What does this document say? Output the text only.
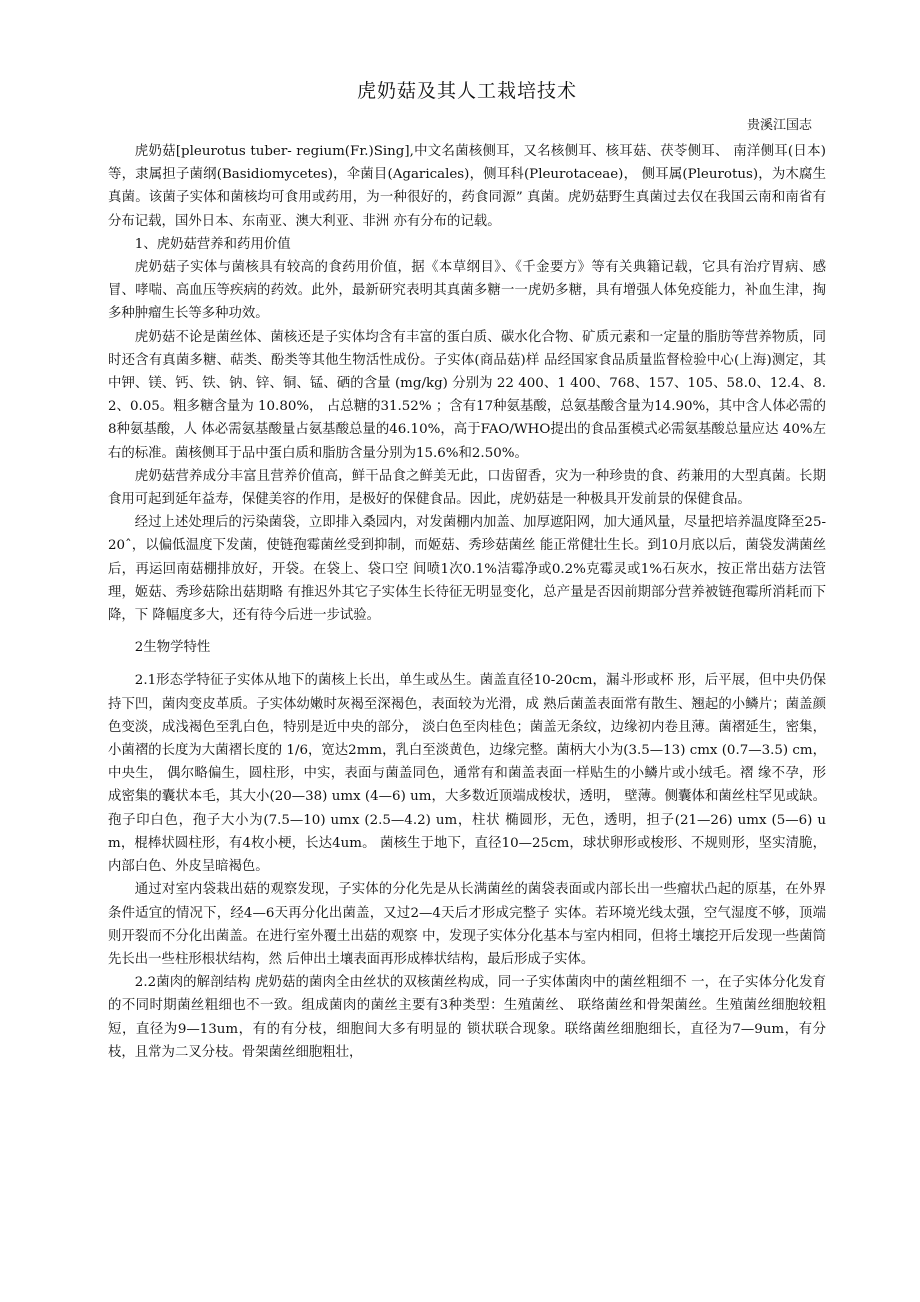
虎奶菇及其人工栽培技术
贵溪江国志

虎奶菇[pleurotus tuber- regium(Fr.)Sing],中文名菌核侧耳，又名核侧耳、核耳菇、茯苓侧耳、 南洋侧耳(日本)等，隶属担子菌纲(Basidiomycetes)，伞菌目(Agaricales)，侧耳科(Pleurotaceae)， 侧耳属(Pleurotus)，为木腐生真菌。该菌子实体和菌核均可食用或药用，为一种很好的，药食同源” 真菌。虎奶菇野生真菌过去仅在我国云南和南省有分布记载，国外日本、东南亚、澳大利亚、非洲 亦有分布的记载。

1、虎奶菇营养和药用价值

虎奶菇子实体与菌核具有较高的食药用价值，据《本草纲目》、《千金要方》等有关典籍记载，它具有治疗胃病、感冒、哮喘、高血压等疾病的药效。此外，最新研究表明其真菌多糖一一虎奶多糖，具有增强人体免疫能力，补血生津，掏多种肿瘤生长等多种功效。

虎奶菇不论是菌丝体、菌核还是子实体均含有丰富的蛋白质、碳水化合物、矿质元素和一定量的脂肪等营养物质，同时还含有真菌多糖、萜类、酚类等其他生物活性成份。子实体(商品菇)样 品经国家食品质量监督检验中心(上海)测定，其中钾、镁、钙、铁、钠、锌、铜、锰、硒的含量 (mg/kg) 分别为 22 400、1 400、768、157、105、58.0、12.4、8.2、0.05。粗多糖含量为 10.80%， 占总糖的31.52% ；含有17种氨基酸，总氨基酸含量为14.90%，其中含人体必需的8种氨基酸，人 体必需氨基酸量占氨基酸总量的46.10%，高于FAO/WHO提出的食品蛋模式必需氨基酸总量应达 40%左右的标准。菌核侧耳于品中蛋白质和脂肪含量分别为15.6%和2.50%。

虎奶菇营养成分丰富且营养价值高，鲜干品食之鲜美无此，口齿留香，灾为一种珍贵的食、药兼用的大型真菌。长期食用可起到延年益寿，保健美容的作用，是极好的保健食品。因此，虎奶菇是一种极具开发前景的保健食品。

经过上述处理后的污染菌袋，立即排入桑园内，对发菌棚内加盖、加厚遮阳网，加大通风量，尽量把培养温度降至25-20ˆ，以偏低温度下发菌，使链孢霉菌丝受到抑制，而姬菇、秀珍菇菌丝 能正常健壮生长。到10月底以后，菌袋发满菌丝后，再运回南菇棚排放好，开袋。在袋上、袋口空 间喷1次0.1%洁霉净或0.2%克霉灵或1%石灰水，按正常出菇方法管理，姬菇、秀珍菇除出菇期略 有推迟外其它子实体生长待征无明显变化，总产量是否因前期部分营养被链孢霉所消耗而下降，下 降幅度多大，还有待今后进一步试验。

2生物学特性

2.1形态学特征子实体从地下的菌核上长出，单生或丛生。菌盖直径10-20cm，漏斗形或杯 形，后平展，但中央仍保持下凹，菌肉变皮革质。子实体幼嫩时灰褐至深褐色，表面较为光滑，成 熟后菌盖表面常有散生、翘起的小鳞片；菌盖颜色变淡，成浅褐色至乳白色，特别是近中央的部分， 淡白色至肉桂色；菌盖无条纹，边缘初内卷且薄。菌褶延生，密集，小菌褶的长度为大菌褶长度的 1/6，宽达2mm，乳白至淡黄色，边缘完整。菌柄大小为(3.5—13) cmx (0.7—3.5) cm，中央生， 偶尔略偏生，圆柱形，中实，表面与菌盖同色，通常有和菌盖表面一样贴生的小鳞片或小绒毛。褶 缘不孕，形成密集的囊状本毛，其大小(20—38) umx (4—6) um，大多数近顶端成梭状，透明， 壁薄。侧囊体和菌丝柱罕见或缺。孢子印白色，孢子大小为(7.5—10) umx (2.5—4.2) um，柱状 椭圆形，无色，透明，担子(21—26) umx (5—6) um，棍棒状圆柱形，有4枚小梗，长达4um。 菌核生于地下，直径10—25cm，球状卵形或梭形、不规则形，坚实清脆，内部白色、外皮呈暗褐色。

通过对室内袋栽出菇的观察发现，子实体的分化先是从长满菌丝的菌袋表面或内部长出一些瘤状凸起的原基，在外界条件适宜的情况下，经4—6天再分化出菌盖，又过2—4天后才形成完整子 实体。若环境光线太强，空气湿度不够，顶端则开裂而不分化出菌盖。在进行室外覆土出菇的观察 中，发现子实体分化基本与室内相同，但将土壤挖开后发现一些菌筒先长出一些柱形根状结构，然 后伸出土壤表面再形成棒状结构，最后形成子实体。

2.2菌肉的解剖结构 虎奶菇的菌肉全由丝状的双核菌丝构成，同一子实体菌肉中的菌丝粗细不 一，在子实体分化发育的不同时期菌丝粗细也不一致。组成菌肉的菌丝主要有3种类型：生殖菌丝、 联络菌丝和骨架菌丝。生殖菌丝细胞较粗短，直径为9—13um，有的有分枝，细胞间大多有明显的 锁状联合现象。联络菌丝细胞细长，直径为7—9um，有分枝，且常为二叉分枝。骨架菌丝细胞粗壮，
